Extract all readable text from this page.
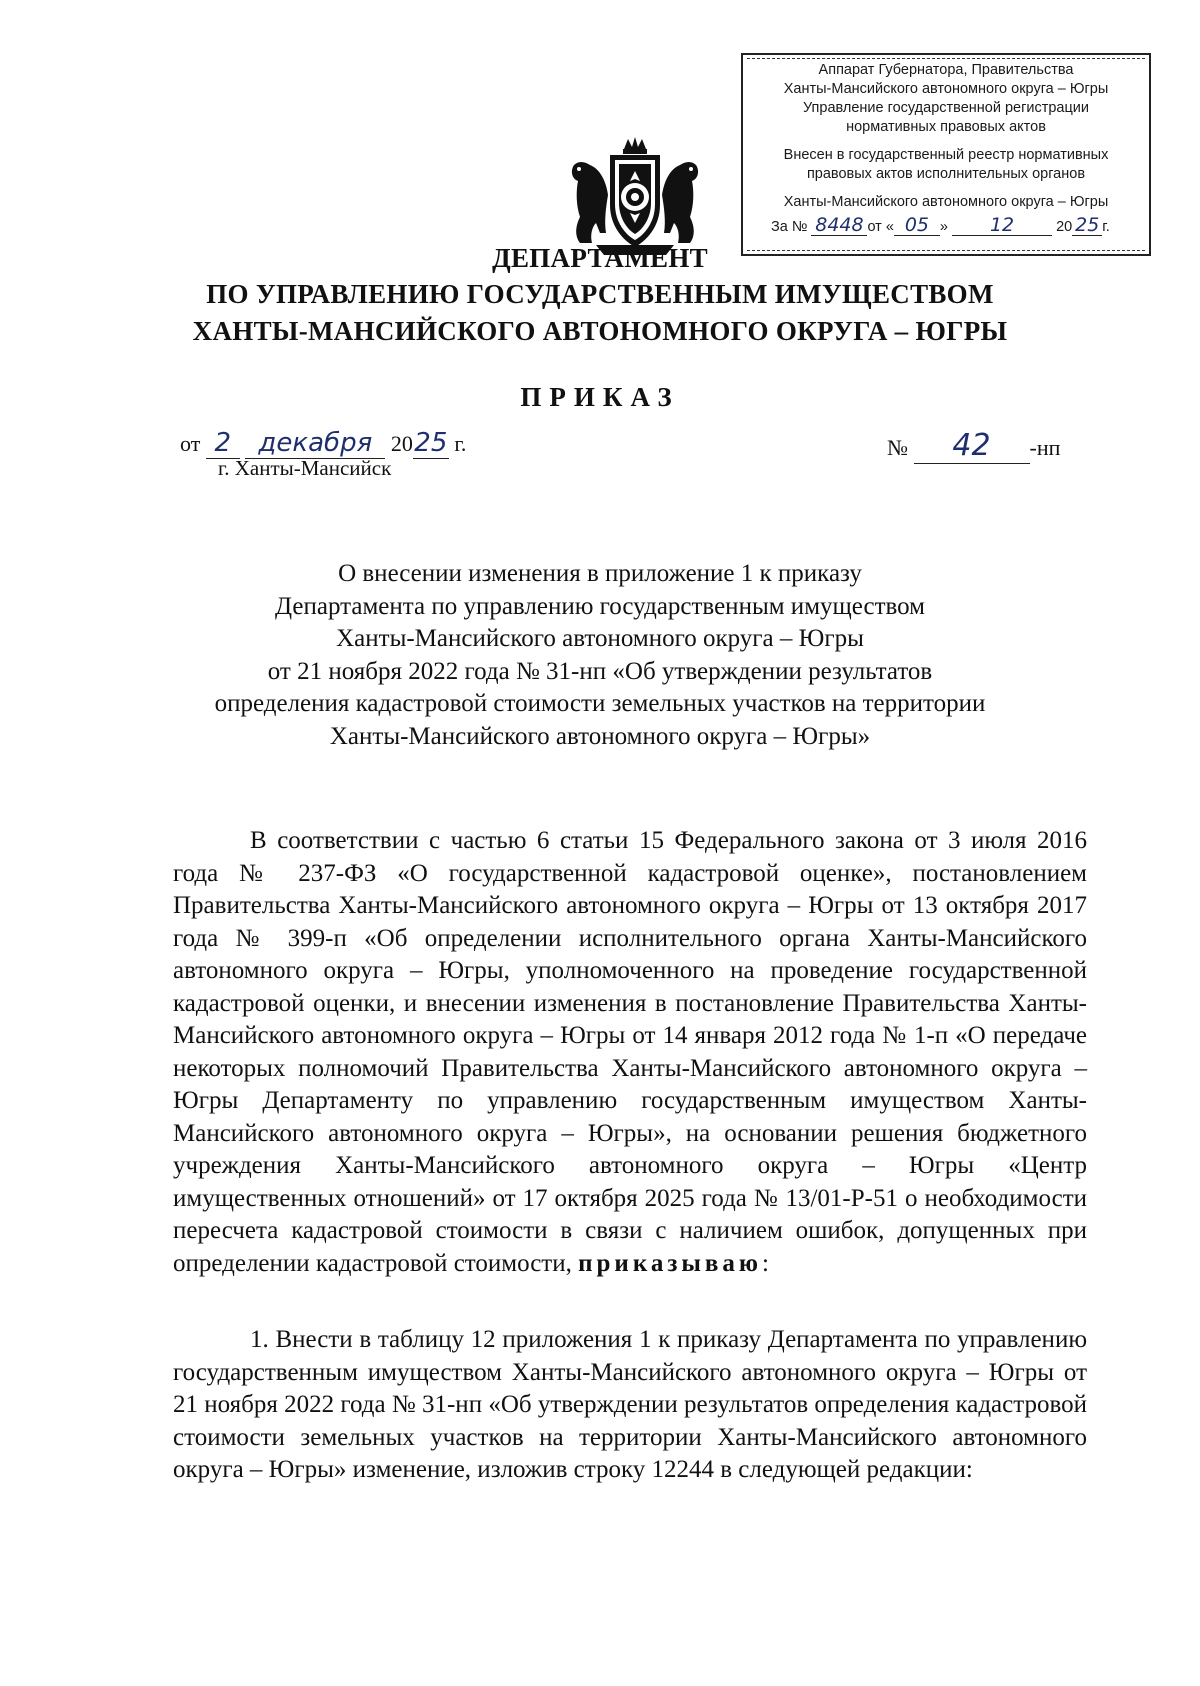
Аппарат Губернатора, Правительства
Ханты-Мансийского автономного округа – Югры
Управление государственной регистрации
нормативных правовых актов
Внесен в государственный реестр нормативных
правовых актов исполнительных органов
Ханты-Мансийского автономного округа – Югры
За № 8448 от « 05 » 12	20 25 г.
ДЕПАРТАМЕНТ
ПО УПРАВЛЕНИЮ ГОСУДАРСТВЕННЫМ ИМУЩЕСТВОМ
ХАНТЫ-МАНСИЙСКОГО АВТОНОМНОГО ОКРУГА – ЮГРЫ
ПРИКАЗ
от 2 декабря 2025 г.
г. Ханты-Мансийск
№ 42 -нп
О внесении изменения в приложение 1 к приказу
Департамента по управлению государственным имуществом
Ханты-Мансийского автономного округа – Югры
от 21 ноября 2022 года № 31-нп «Об утверждении результатов
определения кадастровой стоимости земельных участков на территории
Ханты-Мансийского автономного округа – Югры»

В соответствии с частью 6 статьи 15 Федерального закона от 3 июля 2016 года № 237-ФЗ «О государственной кадастровой оценке», постановлением Правительства Ханты-Мансийского автономного округа – Югры от 13 октября 2017 года № 399-п «Об определении исполнительного органа Ханты-Мансийского автономного округа – Югры, уполномоченного на проведение государственной кадастровой оценки, и внесении изменения в постановление Правительства Ханты-Мансийского автономного округа – Югры от 14 января 2012 года № 1-п «О передаче некоторых полномочий Правительства Ханты-Мансийского автономного округа – Югры Департаменту по управлению государственным имуществом Ханты-Мансийского автономного округа – Югры», на основании решения бюджетного учреждения Ханты-Мансийского автономного округа – Югры «Центр имущественных отношений» от 17 октября 2025 года № 13/01-Р-51 о необходимости пересчета кадастровой стоимости в связи с наличием ошибок, допущенных при определении кадастровой стоимости, приказываю:

1. Внести в таблицу 12 приложения 1 к приказу Департамента по управлению государственным имуществом Ханты-Мансийского автономного округа – Югры от 21 ноября 2022 года № 31-нп «Об утверждении результатов определения кадастровой стоимости земельных участков на территории Ханты-Мансийского автономного округа – Югры» изменение, изложив строку 12244 в следующей редакции:
